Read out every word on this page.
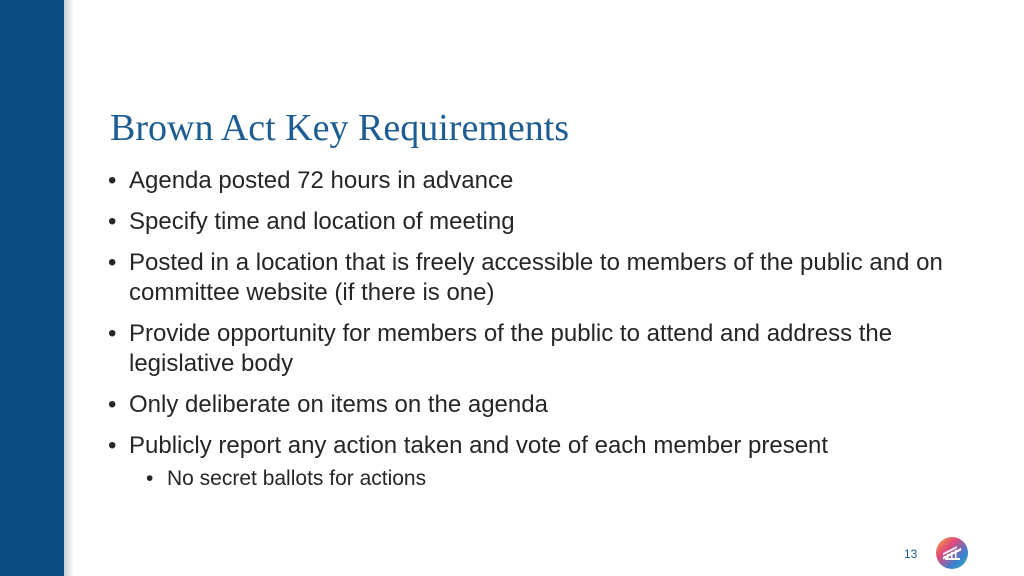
Brown Act Key Requirements
• Agenda posted 72 hours in advance
• Specify time and location of meeting
• Posted in a location that is freely accessible to members of the public and on committee website (if there is one)
• Provide opportunity for members of the public to attend and address the legislative body
• Only deliberate on items on the agenda
• Publicly report any action taken and vote of each member present
• No secret ballots for actions
13
